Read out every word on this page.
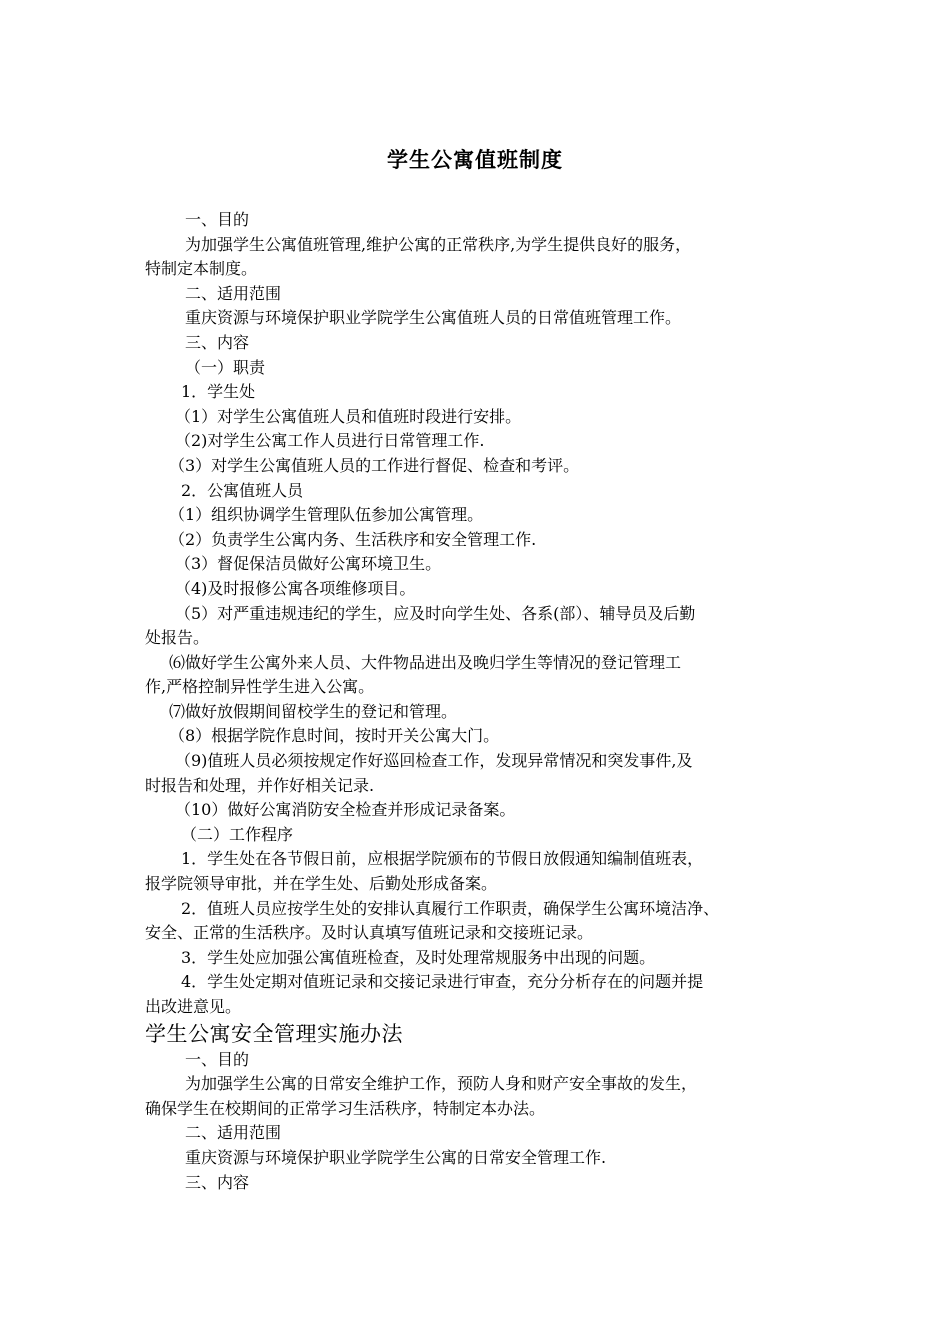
学生公寓值班制度
一、目的
为加强学生公寓值班管理,维护公寓的正常秩序,为学生提供良好的服务，
特制定本制度。
二、适用范围
重庆资源与环境保护职业学院学生公寓值班人员的日常值班管理工作。
三、内容
（一）职责
1．学生处
（1）对学生公寓值班人员和值班时段进行安排。
（2)对学生公寓工作人员进行日常管理工作.
（3）对学生公寓值班人员的工作进行督促、检查和考评。
2．公寓值班人员
（1）组织协调学生管理队伍参加公寓管理。
（2）负责学生公寓内务、生活秩序和安全管理工作.
（3）督促保洁员做好公寓环境卫生。
（4)及时报修公寓各项维修项目。
（5）对严重违规违纪的学生，应及时向学生处、各系(部）、辅导员及后勤
处报告。
⑹做好学生公寓外来人员、大件物品进出及晚归学生等情况的登记管理工
作,严格控制异性学生进入公寓。
⑺做好放假期间留校学生的登记和管理。
（8）根据学院作息时间，按时开关公寓大门。
（9)值班人员必须按规定作好巡回检查工作，发现异常情况和突发事件,及
时报告和处理，并作好相关记录.
（10）做好公寓消防安全检查并形成记录备案。
（二）工作程序
1．学生处在各节假日前，应根据学院颁布的节假日放假通知编制值班表，
报学院领导审批，并在学生处、后勤处形成备案。
2．值班人员应按学生处的安排认真履行工作职责，确保学生公寓环境洁净、
安全、正常的生活秩序。及时认真填写值班记录和交接班记录。
3．学生处应加强公寓值班检查，及时处理常规服务中出现的问题。
4．学生处定期对值班记录和交接记录进行审查，充分分析存在的问题并提
出改进意见。
学生公寓安全管理实施办法
一、目的
为加强学生公寓的日常安全维护工作，预防人身和财产安全事故的发生，
确保学生在校期间的正常学习生活秩序，特制定本办法。
二、适用范围
重庆资源与环境保护职业学院学生公寓的日常安全管理工作.
三、内容
